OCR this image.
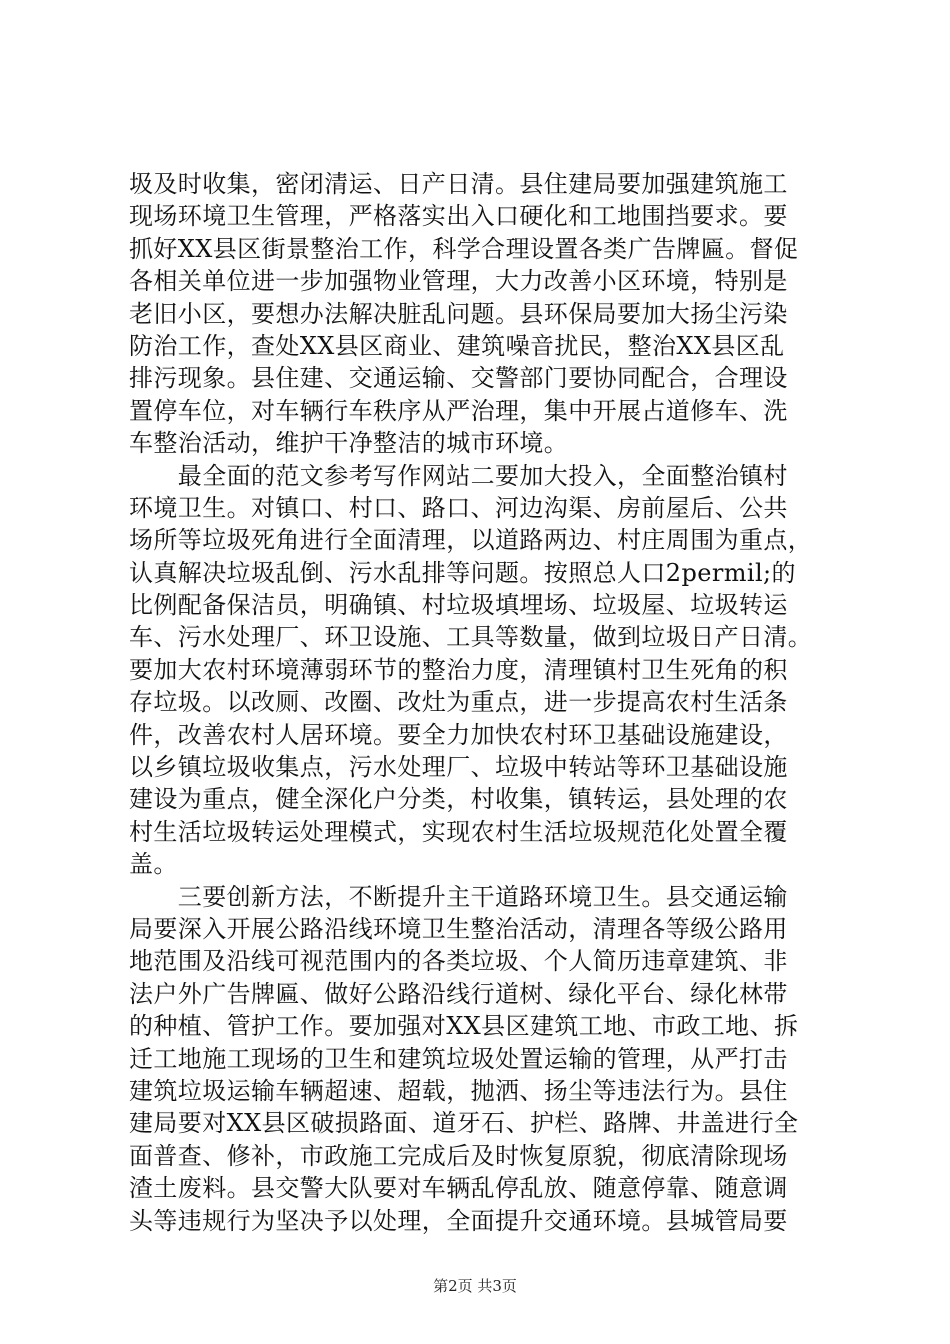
圾及时收集，密闭清运、日产日清。县住建局要加强建筑施工
现场环境卫生管理，严格落实出入口硬化和工地围挡要求。要
抓好XX县区街景整治工作，科学合理设置各类广告牌匾。督促
各相关单位进一步加强物业管理，大力改善小区环境，特别是
老旧小区，要想办法解决脏乱问题。县环保局要加大扬尘污染
防治工作，查处XX县区商业、建筑噪音扰民，整治XX县区乱
排污现象。县住建、交通运输、交警部门要协同配合，合理设
置停车位，对车辆行车秩序从严治理，集中开展占道修车、洗
车整治活动，维护干净整洁的城市环境。
　　最全面的范文参考写作网站二要加大投入，全面整治镇村
环境卫生。对镇口、村口、路口、河边沟渠、房前屋后、公共
场所等垃圾死角进行全面清理，以道路两边、村庄周围为重点，
认真解决垃圾乱倒、污水乱排等问题。按照总人口2permil;的
比例配备保洁员，明确镇、村垃圾填埋场、垃圾屋、垃圾转运
车、污水处理厂、环卫设施、工具等数量，做到垃圾日产日清。
要加大农村环境薄弱环节的整治力度，清理镇村卫生死角的积
存垃圾。以改厕、改圈、改灶为重点，进一步提高农村生活条
件，改善农村人居环境。要全力加快农村环卫基础设施建设，
以乡镇垃圾收集点，污水处理厂、垃圾中转站等环卫基础设施
建设为重点，健全深化户分类，村收集，镇转运，县处理的农
村生活垃圾转运处理模式，实现农村生活垃圾规范化处置全覆
盖。
　　三要创新方法，不断提升主干道路环境卫生。县交通运输
局要深入开展公路沿线环境卫生整治活动，清理各等级公路用
地范围及沿线可视范围内的各类垃圾、个人简历违章建筑、非
法户外广告牌匾、做好公路沿线行道树、绿化平台、绿化林带
的种植、管护工作。要加强对XX县区建筑工地、市政工地、拆
迁工地施工现场的卫生和建筑垃圾处置运输的管理，从严打击
建筑垃圾运输车辆超速、超载，抛洒、扬尘等违法行为。县住
建局要对XX县区破损路面、道牙石、护栏、路牌、井盖进行全
面普查、修补，市政施工完成后及时恢复原貌，彻底清除现场
渣土废料。县交警大队要对车辆乱停乱放、随意停靠、随意调
头等违规行为坚决予以处理，全面提升交通环境。县城管局要
第2页 共3页
